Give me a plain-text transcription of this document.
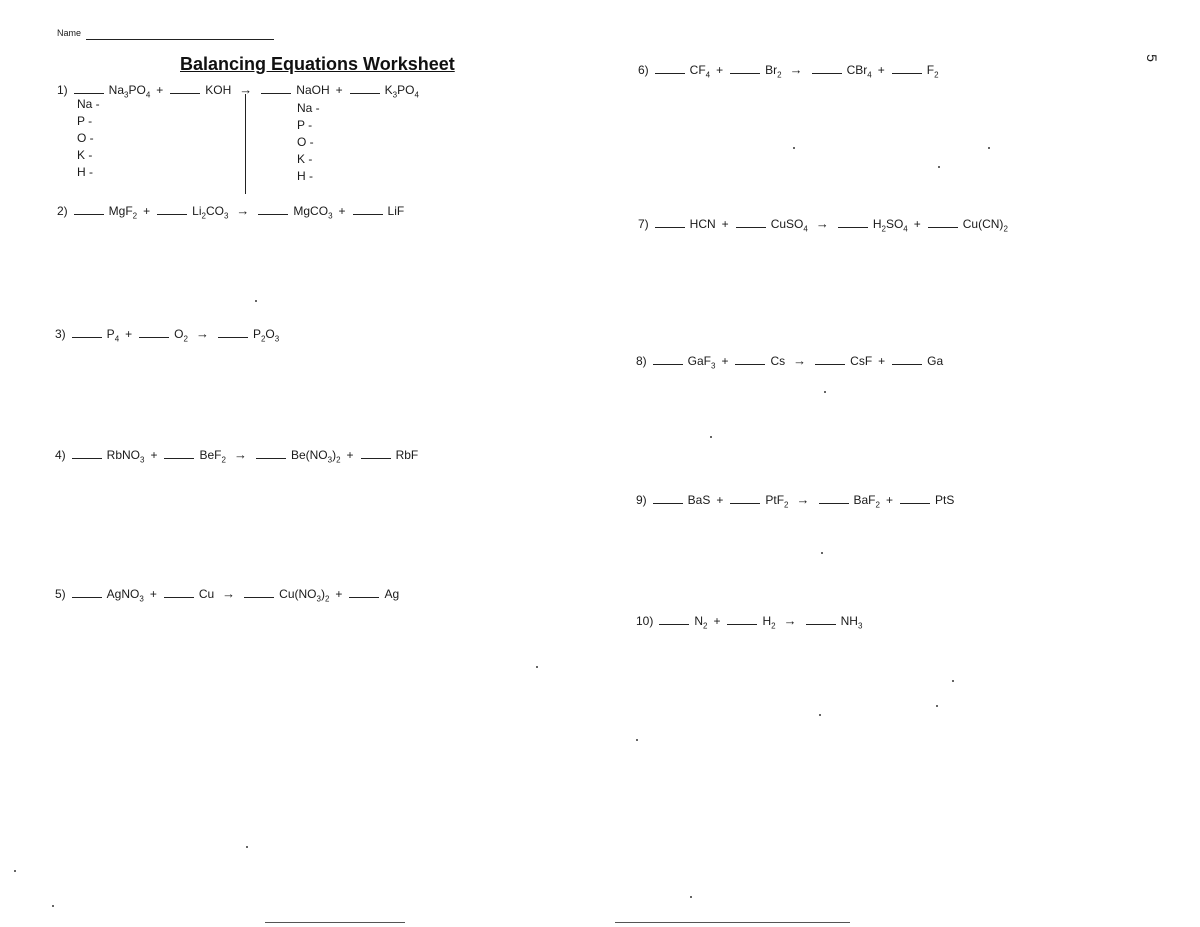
Name
Balancing Equations Worksheet	5
1)	$Na_3PO_4$ +	KOH →	NaOH +	$K_3PO_4$
Na -
P -
O -
K -
H -
Na -
P -
O -
K -
H -
2)	MgF$_2$ +	$Li_2CO_3$ →	MgCO$_3$ +	LiF
3)	$P_4$ +	$O_2$ →	$P_2O_3$
4)	RbNO$_3$ +	BeF$_2$ →	$Be(NO_3)_2$ +	RbF
5)	AgNO$_3$ +	Cu →	$Cu(NO_3)_2$ +	Ag
6)	$CF_4$ +	$Br_2$ →	CBr$_4$ +	$F_2$
7)	HCN +	CuSO$_4$ →	$H_2SO_4$ +	$Cu(CN)_2$
8)	GaF$_3$ +	Cs →	CsF +	Ga
9)	BaS +	PtF$_2$ →	BaF$_2$ +	PtS
10)	$N_2$ +	$H_2$ →	$NH_3$
